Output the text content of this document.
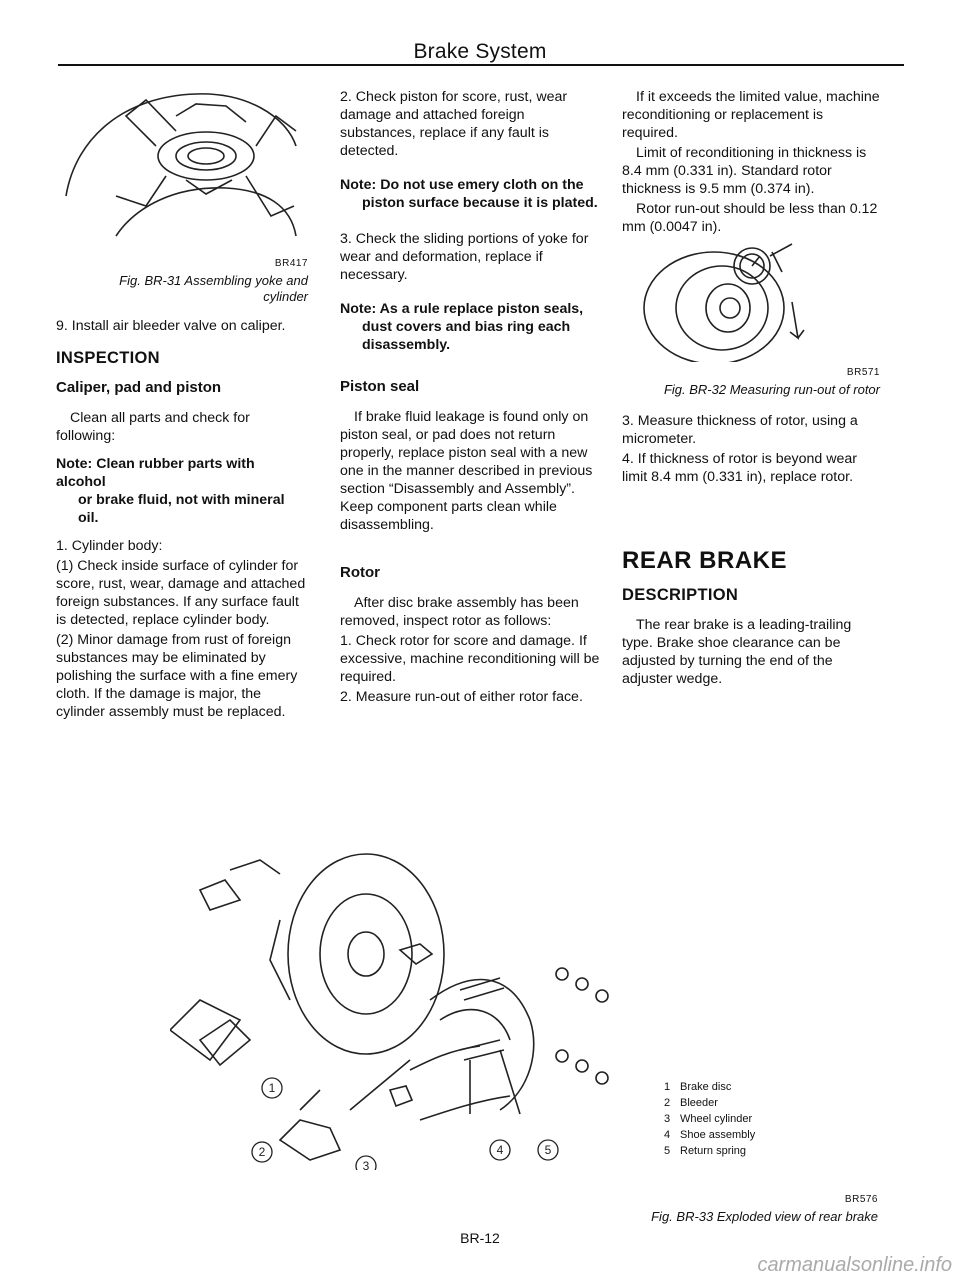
Brake System
BR417
Fig. BR-31 Assembling yoke and cylinder

9. Install air bleeder valve on caliper.

INSPECTION
Caliper, pad and piston

Clean all parts and check for following:

Note: Clean rubber parts with alcohol
or brake fluid, not with mineral oil.

1. Cylinder body:

(1) Check inside surface of cylinder for score, rust, wear, damage and attached foreign substances. If any surface fault is detected, replace cylinder body.

(2) Minor damage from rust of foreign substances may be eliminated by polishing the surface with a fine emery cloth. If the damage is major, the cylinder assembly must be replaced.

2. Check piston for score, rust, wear damage and attached foreign substances, replace if any fault is detected.

Note: Do not use emery cloth on the
piston surface because it is plated.

3. Check the sliding portions of yoke for wear and deformation, replace if necessary.

Note: As a rule replace piston seals,
dust covers and bias ring each disassembly.
Piston seal

If brake fluid leakage is found only on piston seal, or pad does not return properly, replace piston seal with a new one in the manner described in previous section “Disassembly and Assembly”. Keep component parts clean while disassembling.

Rotor

After disc brake assembly has been removed, inspect rotor as follows:

1. Check rotor for score and damage. If excessive, machine reconditioning will be required.

2. Measure run-out of either rotor face.

If it exceeds the limited value, machine reconditioning or replacement is required.

Limit of reconditioning in thickness is 8.4 mm (0.331 in). Standard rotor thickness is 9.5 mm (0.374 in).

Rotor run-out should be less than 0.12 mm (0.0047 in).

BR571
Fig. BR-32 Measuring run-out of rotor

3. Measure thickness of rotor, using a micrometer.

4. If thickness of rotor is beyond wear limit 8.4 mm (0.331 in), replace rotor.

REAR BRAKE
DESCRIPTION

The rear brake is a leading-trailing type. Brake shoe clearance can be adjusted by turning the end of the adjuster wedge.

1
2
3
4	5
1 Brake disc
2 Bleeder
3 Wheel cylinder
4 Shoe assembly
5 Return spring
BR576
Fig. BR-33 Exploded view of rear brake
BR-12
carmanualsonline.info
